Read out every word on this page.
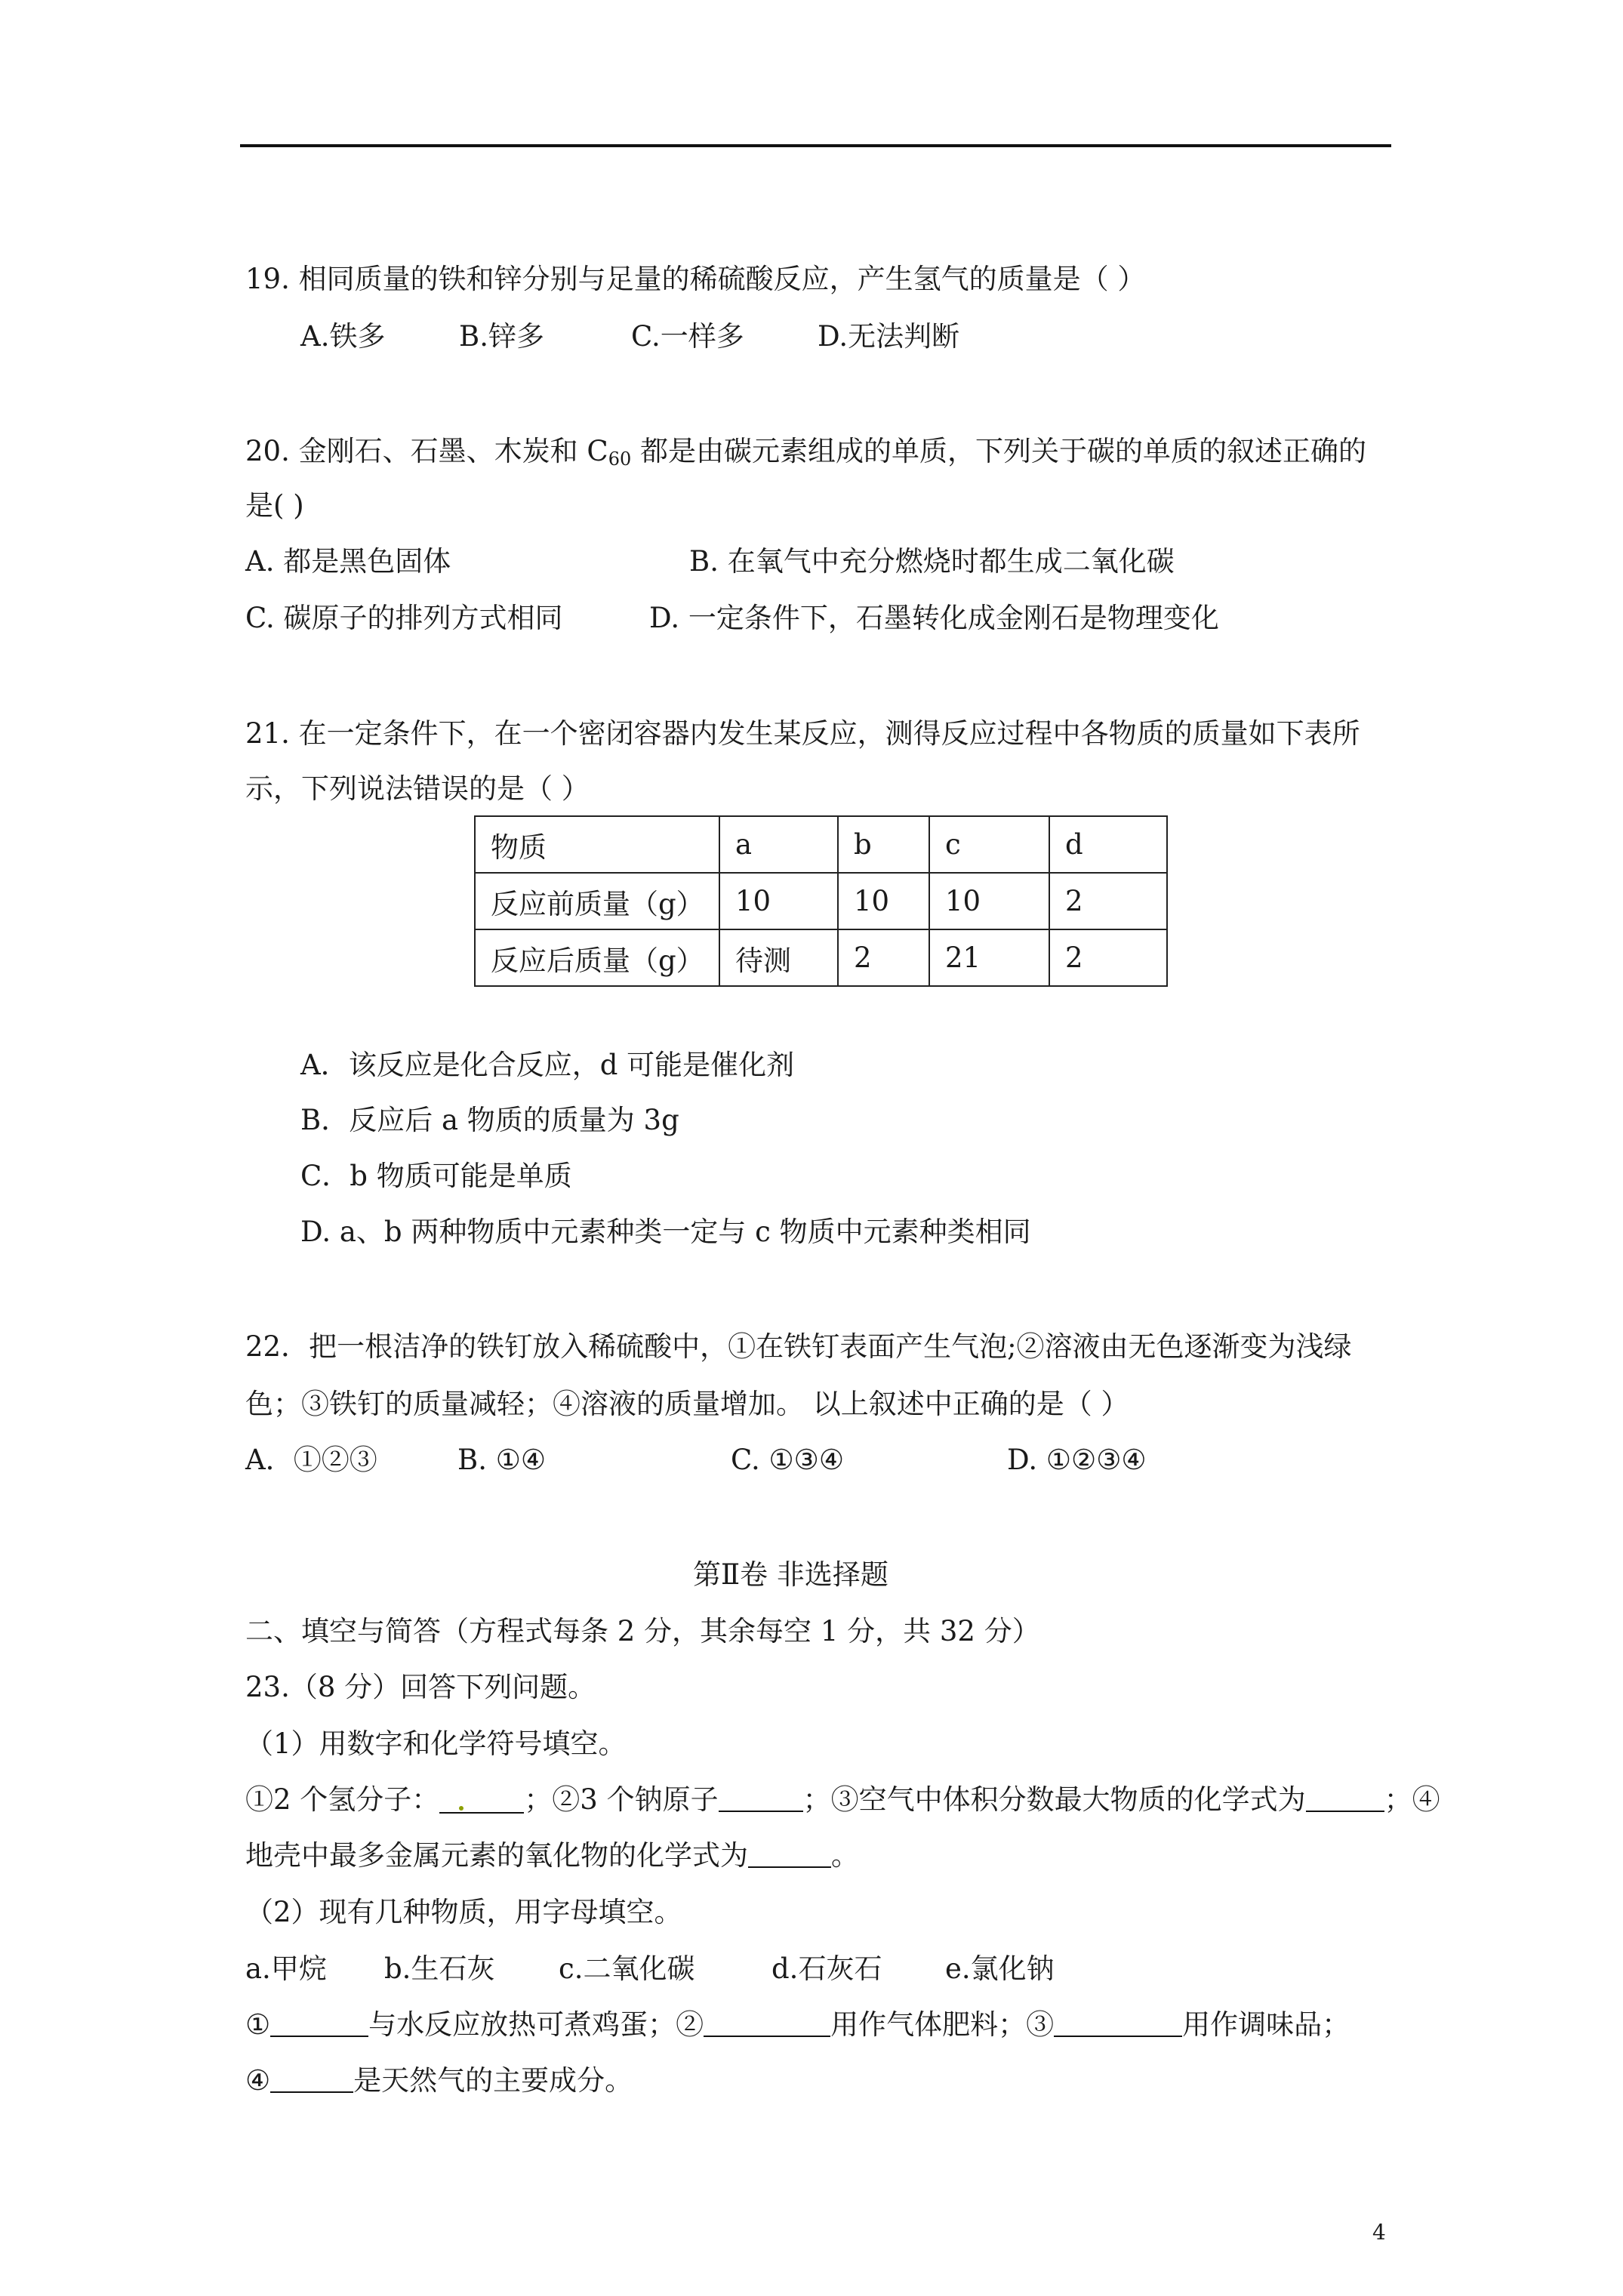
19. 相同质量的铁和锌分别与足量的稀硫酸反应，产生氢气的质量是（ ）
A.铁多	B.锌多	C.一样多	D.无法判断
20. 金刚石、石墨、木炭和 $C_{60}$ 都是由碳元素组成的单质，下列关于碳的单质的叙述正确的
是( )
A. 都是黑色固体	B. 在氧气中充分燃烧时都生成二氧化碳
C. 碳原子的排列方式相同	D. 一定条件下，石墨转化成金刚石是物理变化
21. 在一定条件下，在一个密闭容器内发生某反应，测得反应过程中各物质的质量如下表所
示，下列说法错误的是（ ）
物质	a	b	c	d
反应前质量（g）	10	10	10	2
反应后质量（g）	待测	2	21	2
A．该反应是化合反应，d 可能是催化剂
B．反应后 a 物质的质量为 3g
C．b 物质可能是单质
D. a、b 两种物质中元素种类一定与 c 物质中元素种类相同
22．把一根洁净的铁钉放入稀硫酸中，①在铁钉表面产生气泡;②溶液由无色逐渐变为浅绿
色；③铁钉的质量减轻；④溶液的质量增加。 以上叙述中正确的是（ ）
A．①②③	B. ①④	C. ①③④	D. ①②③④
第Ⅱ卷 非选择题
二、填空与简答（方程式每条 2 分，其余每空 1 分，共 32 分）
23.（8 分）回答下列问题。
（1）用数字和化学符号填空。
①2 个氢分子：	；②3 个钠原子	；③空气中体积分数最大物质的化学式为	；④
地壳中最多金属元素的氧化物的化学式为	。
（2）现有几种物质，用字母填空。
a.甲烷 b.生石灰 c.二氧化碳	d.石灰石 e.氯化钠
①	与水反应放热可煮鸡蛋；②	用作气体肥料；③	用作调味品；
④	是天然气的主要成分。
4
